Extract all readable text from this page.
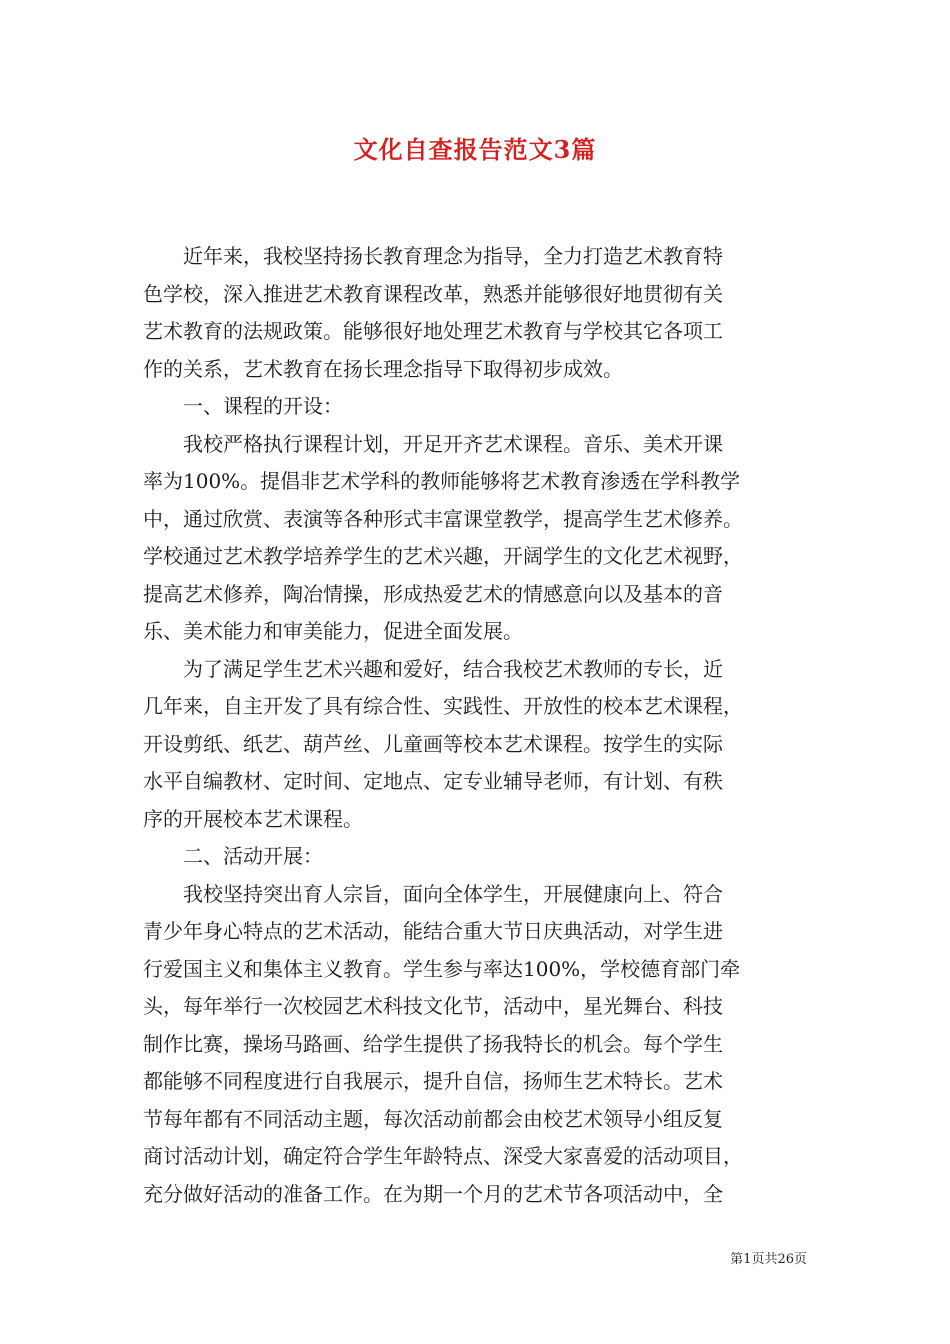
文化自查报告范文3篇
近年来，我校坚持扬长教育理念为指导，全力打造艺术教育特
色学校，深入推进艺术教育课程改革，熟悉并能够很好地贯彻有关
艺术教育的法规政策。能够很好地处理艺术教育与学校其它各项工
作的关系，艺术教育在扬长理念指导下取得初步成效。
一、课程的开设：
我校严格执行课程计划，开足开齐艺术课程。音乐、美术开课
率为100%。提倡非艺术学科的教师能够将艺术教育渗透在学科教学
中，通过欣赏、表演等各种形式丰富课堂教学，提高学生艺术修养。
学校通过艺术教学培养学生的艺术兴趣，开阔学生的文化艺术视野，
提高艺术修养，陶冶情操，形成热爱艺术的情感意向以及基本的音
乐、美术能力和审美能力，促进全面发展。
为了满足学生艺术兴趣和爱好，结合我校艺术教师的专长，近
几年来，自主开发了具有综合性、实践性、开放性的校本艺术课程，
开设剪纸、纸艺、葫芦丝、儿童画等校本艺术课程。按学生的实际
水平自编教材、定时间、定地点、定专业辅导老师，有计划、有秩
序的开展校本艺术课程。
二、活动开展：
我校坚持突出育人宗旨，面向全体学生，开展健康向上、符合
青少年身心特点的艺术活动，能结合重大节日庆典活动，对学生进
行爱国主义和集体主义教育。学生参与率达100%，学校德育部门牵
头，每年举行一次校园艺术科技文化节，活动中，星光舞台、科技
制作比赛，操场马路画、给学生提供了扬我特长的机会。每个学生
都能够不同程度进行自我展示，提升自信，扬师生艺术特长。艺术
节每年都有不同活动主题，每次活动前都会由校艺术领导小组反复
商讨活动计划，确定符合学生年龄特点、深受大家喜爱的活动项目，
充分做好活动的准备工作。在为期一个月的艺术节各项活动中，全
第1页共26页
